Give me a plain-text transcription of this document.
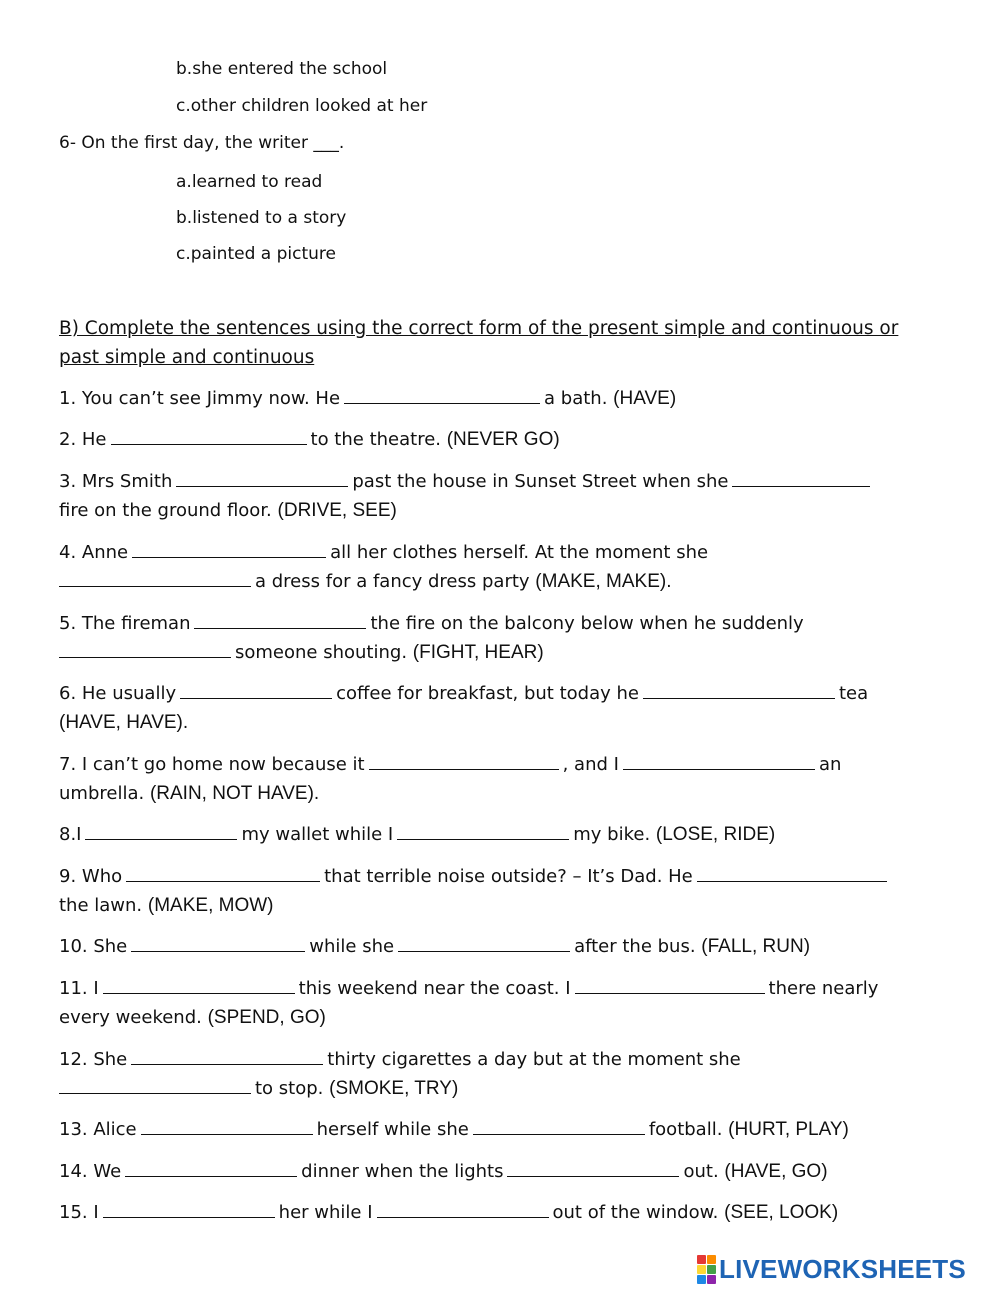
b.she entered the school
c.other children looked at her
6- On the first day, the writer ___.
a.learned to read
b.listened to a story
c.painted a picture
B) Complete the sentences using the correct form of the present simple and continuous or
past simple and continuous
1. You can’t see Jimmy now. He	a bath. (HAVE)
2. He	to the theatre. (NEVER GO)
3. Mrs Smith	past the house in Sunset Street when she
fire on the ground floor. (DRIVE, SEE)
4. Anne	all her clothes herself. At the moment she
a dress for a fancy dress party (MAKE, MAKE).
5. The fireman	the fire on the balcony below when he suddenly
someone shouting. (FIGHT, HEAR)
6. He usually	coffee for breakfast, but today he	tea
(HAVE, HAVE).
7. I can’t go home now because it	, and I	an
umbrella. (RAIN, NOT HAVE).
8.I	my wallet while I	my bike. (LOSE, RIDE)
9. Who	that terrible noise outside? – It’s Dad. He
the lawn. (MAKE, MOW)
10. She	while she	after the bus. (FALL, RUN)
11. I	this weekend near the coast. I	there nearly
every weekend. (SPEND, GO)
12. She	thirty cigarettes a day but at the moment she
to stop. (SMOKE, TRY)
13. Alice	herself while she	football. (HURT, PLAY)
14. We	dinner when the lights	out. (HAVE, GO)
15. I	her while I	out of the window. (SEE, LOOK)
LIVEWORKSHEETS
